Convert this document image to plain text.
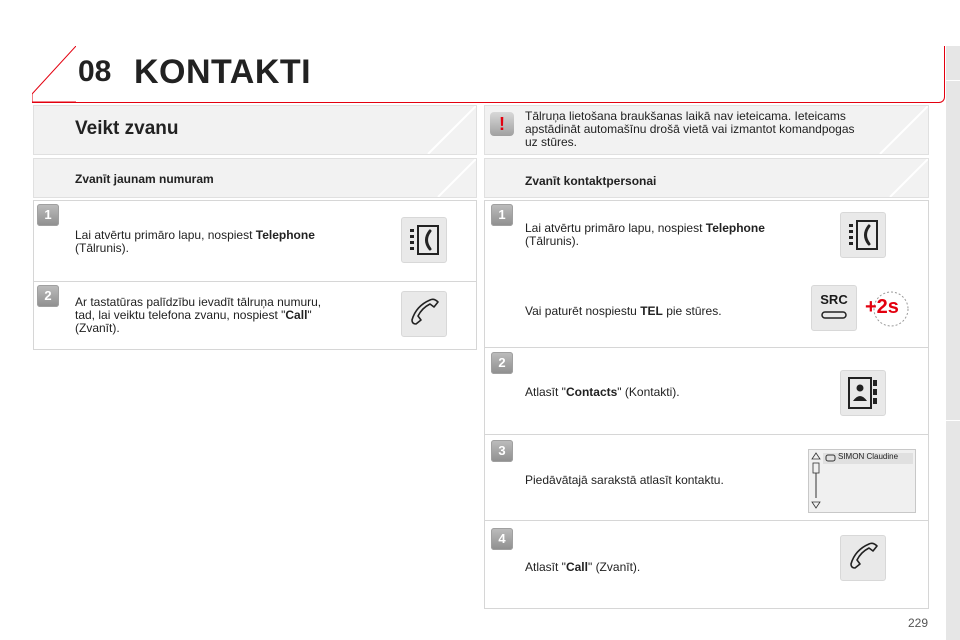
08 KONTAKTI
Veikt zvanu
Zvanīt jaunam numuram
1
Lai atvērtu primāro lapu, nospiest Telephone
(Tālrunis).
2	Ar tastatūras palīdzību ievadīt tālruņa numuru,
tad, lai veiktu telefona zvanu, nospiest "Call"
(Zvanīt).
!	Tālruņa lietošana braukšanas laikā nav ieteicama. Ieteicams
apstādināt automašīnu drošā vietā vai izmantot komandpogas
uz stūres.
Zvanīt kontaktpersonai
1
Lai atvērtu primāro lapu, nospiest Telephone
(Tālrunis).
Vai paturēt nospiestu TEL pie stūres.
SRC +2s
2
Atlasīt "Contacts" (Kontakti).
3
Piedāvātajā sarakstā atlasīt kontaktu.
SIMON Claudine
4
Atlasīt "Call" (Zvanīt).
229
